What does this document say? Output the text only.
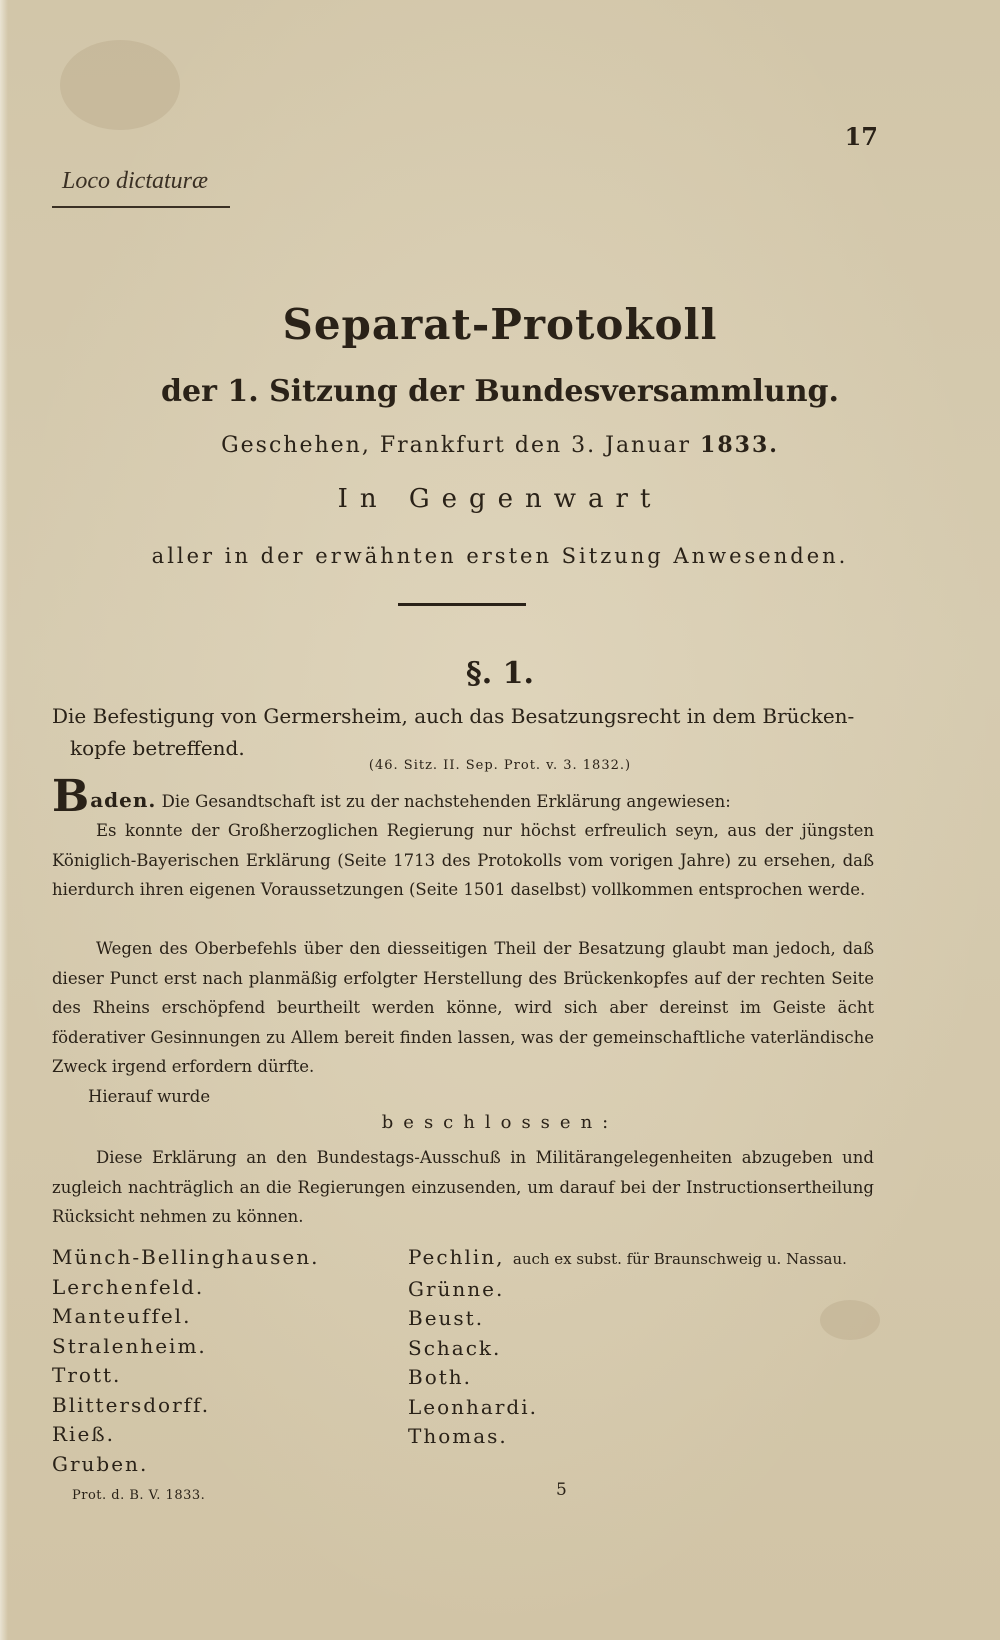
17
Loco dictaturæ
Separat-Protokoll
der 1. Sitzung der Bundesversammlung.
Geschehen, Frankfurt den 3. Januar 1833.
In Gegenwart
aller in der erwähnten ersten Sitzung Anwesenden.
§. 1.
Die Befestigung von Germersheim, auch das Besatzungsrecht in dem Brücken-
kopfe betreffend.
(46. Sitz. II. Sep. Prot. v. 3. 1832.)
Baden. Die Gesandtschaft ist zu der nachstehenden Erklärung angewiesen:
Es konnte der Großherzoglichen Regierung nur höchst erfreulich seyn, aus der jüngsten Königlich-Bayerischen Erklärung (Seite 1713 des Protokolls vom vorigen Jahre) zu ersehen, daß hierdurch ihren eigenen Voraussetzungen (Seite 1501 daselbst) vollkommen entsprochen werde.
Wegen des Oberbefehls über den diesseitigen Theil der Besatzung glaubt man jedoch, daß dieser Punct erst nach planmäßig erfolgter Herstellung des Brückenkopfes auf der rechten Seite des Rheins erschöpfend beurtheilt werden könne, wird sich aber dereinst im Geiste ächt föderativer Gesinnungen zu Allem bereit finden lassen, was der gemeinschaftliche vaterländische Zweck irgend erfordern dürfte.
Hierauf wurde
beschlossen:
Diese Erklärung an den Bundestags-Ausschuß in Militärangelegenheiten abzugeben und zugleich nachträglich an die Regierungen einzusenden, um darauf bei der Instructionsertheilung Rücksicht nehmen zu können.
Münch-Bellinghausen.
Lerchenfeld.
Manteuffel.
Stralenheim.
Trott.
Blittersdorff.
Rieß.
Gruben.
Pechlin, auch ex subst. für Braunschweig u. Nassau.
Grünne.
Beust.
Schack.
Both.
Leonhardi.
Thomas.
Prot. d. B. V. 1833.	5
